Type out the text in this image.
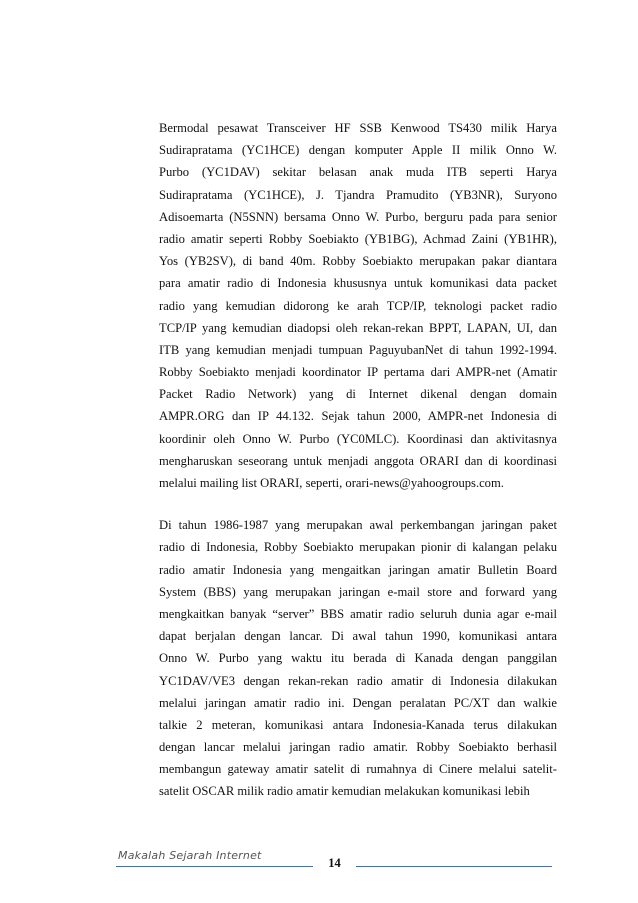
Bermodal pesawat Transceiver HF SSB Kenwood TS430 milik Harya
Sudirapratama (YC1HCE) dengan komputer Apple II milik Onno W.
Purbo (YC1DAV) sekitar belasan anak muda ITB seperti Harya
Sudirapratama (YC1HCE), J. Tjandra Pramudito (YB3NR), Suryono
Adisoemarta (N5SNN) bersama Onno W. Purbo, berguru pada para senior
radio amatir seperti Robby Soebiakto (YB1BG), Achmad Zaini (YB1HR),
Yos (YB2SV), di band 40m. Robby Soebiakto merupakan pakar diantara
para amatir radio di Indonesia khususnya untuk komunikasi data packet
radio yang kemudian didorong ke arah TCP/IP, teknologi packet radio
TCP/IP yang kemudian diadopsi oleh rekan-rekan BPPT, LAPAN, UI, dan
ITB yang kemudian menjadi tumpuan PaguyubanNet di tahun 1992-1994.
Robby Soebiakto menjadi koordinator IP pertama dari AMPR-net (Amatir
Packet Radio Network) yang di Internet dikenal dengan domain
AMPR.ORG dan IP 44.132. Sejak tahun 2000, AMPR-net Indonesia di
koordinir oleh Onno W. Purbo (YC0MLC). Koordinasi dan aktivitasnya
mengharuskan seseorang untuk menjadi anggota ORARI dan di koordinasi
melalui mailing list ORARI, seperti, orari-news@yahoogroups.com.

Di tahun 1986-1987 yang merupakan awal perkembangan jaringan paket
radio di Indonesia, Robby Soebiakto merupakan pionir di kalangan pelaku
radio amatir Indonesia yang mengaitkan jaringan amatir Bulletin Board
System (BBS) yang merupakan jaringan e-mail store and forward yang
mengkaitkan banyak “server” BBS amatir radio seluruh dunia agar e-mail
dapat berjalan dengan lancar. Di awal tahun 1990, komunikasi antara
Onno W. Purbo yang waktu itu berada di Kanada dengan panggilan
YC1DAV/VE3 dengan rekan-rekan radio amatir di Indonesia dilakukan
melalui jaringan amatir radio ini. Dengan peralatan PC/XT dan walkie
talkie 2 meteran, komunikasi antara Indonesia-Kanada terus dilakukan
dengan lancar melalui jaringan radio amatir. Robby Soebiakto berhasil
membangun gateway amatir satelit di rumahnya di Cinere melalui satelit-
satelit OSCAR milik radio amatir kemudian melakukan komunikasi lebih

Makalah Sejarah Internet
14
